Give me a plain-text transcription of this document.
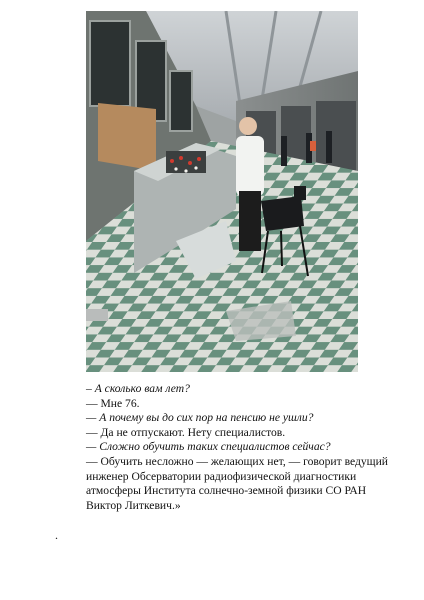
– А сколько вам лет?
— Мне 76.
— А почему вы до сих пор на пенсию не ушли?
— Да не отпускают. Нету специалистов.
— Сложно обучить таких специалистов сейчас?
— Обучить несложно — желающих нет, — говорит ведущий
инженер Обсерватории радиофизической диагностики
атмосферы Института солнечно-земной физики СО РАН
Виктор Литкевич.»
.
